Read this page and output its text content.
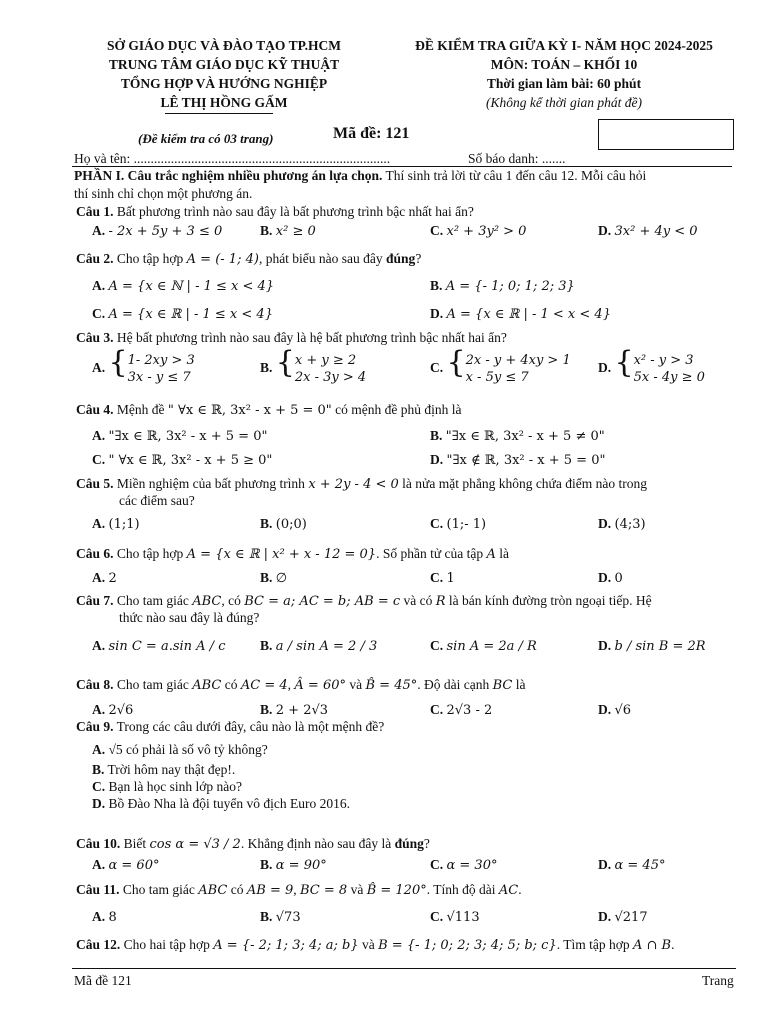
SỞ GIÁO DỤC VÀ ĐÀO TẠO TP.HCM
TRUNG TÂM GIÁO DỤC KỸ THUẬT
TỔNG HỢP VÀ HƯỚNG NGHIỆP
LÊ THỊ HỒNG GẤM
ĐỀ KIỂM TRA GIỮA KỲ I- NĂM HỌC 2024-2025
MÔN: TOÁN – KHỐI 10
Thời gian làm bài: 60 phút
(Không kể thời gian phát đề)
(Đề kiểm tra có 03 trang)	Mã đề: 121
Họ và tên: ............................................................................	Số báo danh: .......
PHẦN I. Câu trắc nghiệm nhiều phương án lựa chọn. Thí sinh trả lời từ câu 1 đến câu 12. Mỗi câu hỏi
thí sinh chỉ chọn một phương án.
Câu 1. Bất phương trình nào sau đây là bất phương trình bậc nhất hai ẩn?
A. - 2x + 5y + 3 ≤ 0	B. x² ≥ 0	C. x² + 3y² > 0	D. 3x² + 4y < 0
Câu 2. Cho tập hợp A = (- 1; 4), phát biểu nào sau đây đúng?
A. A = {x ∈ ℕ | - 1 ≤ x < 4}	B. A = {- 1; 0; 1; 2; 3}
C. A = {x ∈ ℝ | - 1 ≤ x < 4}	D. A = {x ∈ ℝ | - 1 < x < 4}
Câu 3. Hệ bất phương trình nào sau đây là hệ bất phương trình bậc nhất hai ẩn?
A. {1- 2xy > 3
3x - y ≤ 7
B. {x + y ≥ 2
2x - 3y > 4
C. {2x - y + 4xy > 1
x - 5y ≤ 7
D. {x² - y > 3
5x - 4y ≥ 0
Câu 4. Mệnh đề " ∀x ∈ ℝ, 3x² - x + 5 = 0" có mệnh đề phủ định là
A. "∃x ∈ ℝ, 3x² - x + 5 = 0"	B. "∃x ∈ ℝ, 3x² - x + 5 ≠ 0"
C. " ∀x ∈ ℝ, 3x² - x + 5 ≥ 0"	D. "∃x ∉ ℝ, 3x² - x + 5 = 0"
Câu 5. Miền nghiệm của bất phương trình x + 2y - 4 < 0 là nửa mặt phẳng không chứa điểm nào trong
các điểm sau?
A. (1;1)	B. (0;0)	C. (1;- 1)	D. (4;3)
Câu 6. Cho tập hợp A = {x ∈ ℝ | x² + x - 12 = 0}. Số phần tử của tập A là
A. 2	B. ∅	C. 1	D. 0
Câu 7. Cho tam giác ABC, có BC = a; AC = b; AB = c và có R là bán kính đường tròn ngoại tiếp. Hệ
thức nào sau đây là đúng?
A. sin C = a.sin A / c	B. a / sin A = 2 / 3	C. sin A = 2a / R	D. b / sin B = 2R
Câu 8. Cho tam giác ABC có AC = 4, Â = 60° và B̂ = 45°. Độ dài cạnh BC là
A. 2√6	B. 2 + 2√3	C. 2√3 - 2	D. √6
Câu 9. Trong các câu dưới đây, câu nào là một mệnh đề?
A. √5 có phải là số vô tỷ không?
B. Trời hôm nay thật đẹp!.
C. Bạn là học sinh lớp nào?
D. Bồ Đào Nha là đội tuyển vô địch Euro 2016.
Câu 10. Biết cos α = √3 / 2. Khẳng định nào sau đây là đúng?
A. α = 60°	B. α = 90°	C. α = 30°	D. α = 45°
Câu 11. Cho tam giác ABC có AB = 9, BC = 8 và B̂ = 120°. Tính độ dài AC.
A. 8	B. √73	C. √113	D. √217
Câu 12. Cho hai tập hợp A = {- 2; 1; 3; 4; a; b} và B = {- 1; 0; 2; 3; 4; 5; b; c}. Tìm tập hợp A ∩ B.
Mã đề 121	Trang
